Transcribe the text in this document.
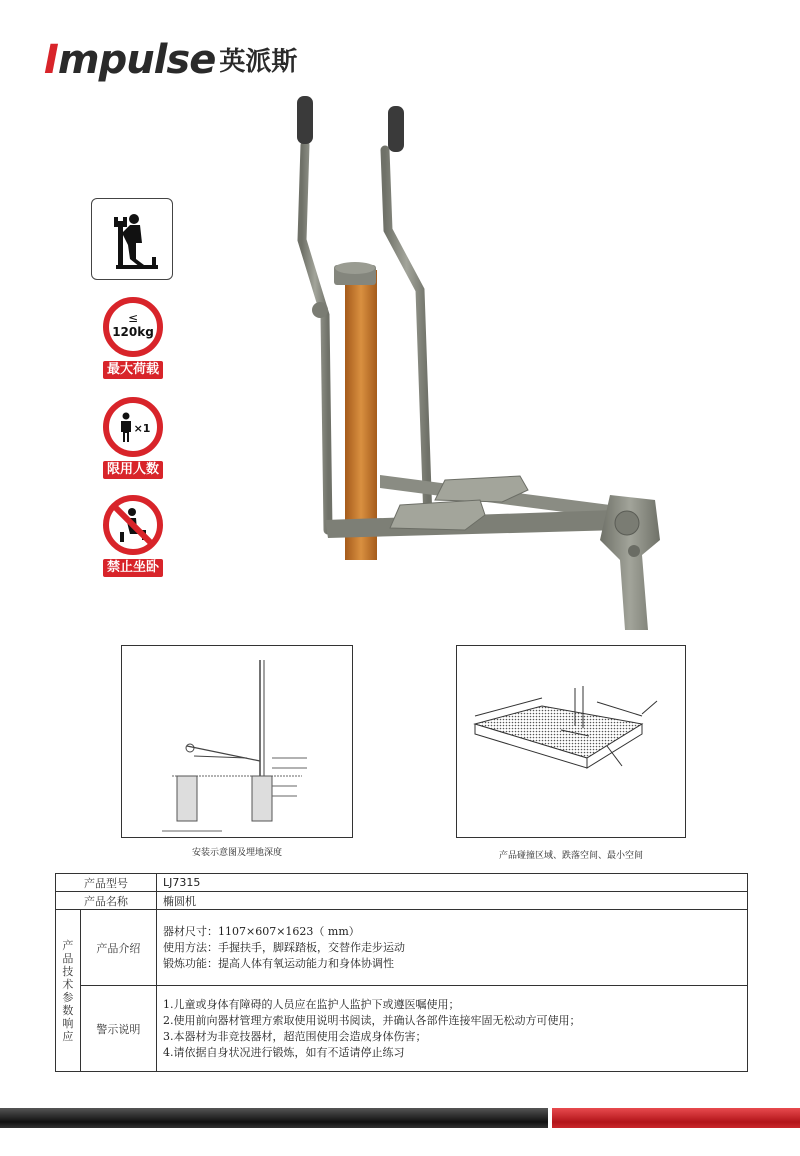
Impulse 英派斯
≤
120kg
最大荷载
×1
限用人数
禁止坐卧
安装示意图及埋地深度	产品碰撞区域、跌落空间、最小空间
产品型号		LJ7315
产品名称		椭圆机

产品技术参数响应	产品介绍	器材尺寸：1107×607×1623（ mm）
使用方法：手握扶手，脚踩踏板，交替作走步运动
锻炼功能：提高人体有氧运动能力和身体协调性

	警示说明	1.儿童或身体有障碍的人员应在监护人监护下或遵医嘱使用；
2.使用前向器材管理方索取使用说明书阅读，并确认各部件连接牢固无松动方可使用；
3.本器材为非竞技器材，超范围使用会造成身体伤害；
4.请依据自身状况进行锻炼，如有不适请停止练习
